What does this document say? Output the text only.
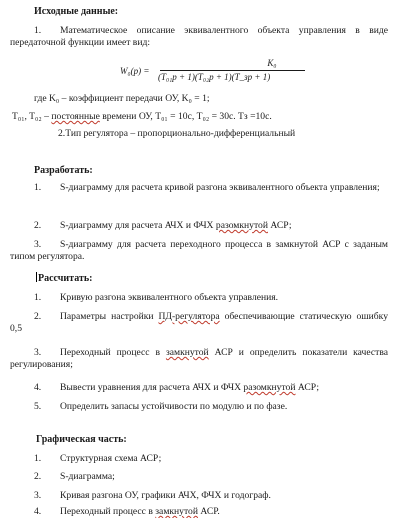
Исходные данные:
1. Математическое описание эквивалентного объекта управления в виде передаточной функции имеет вид:
W₀(p) =
K₀
(T₀₁p + 1)(T₀₂p + 1)(T_зp + 1)
где K₀ – коэффициент передачи ОУ, K₀ = 1;
T₀₁, T₀₂ – постоянные времени ОУ, T₀₁ = 10с, T₀₂ = 30с. Tз =10с.
2.Тип регулятора – пропорционально-дифференциальный
Разработать:
1. S-диаграмму для расчета кривой разгона эквивалентного объекта управления;
2. S-диаграмму для расчета АЧХ и ФЧХ разомкнутой АСР;
3. S-диаграмму для расчета переходного процесса в замкнутой АСР с заданым типом регулятора.
Рассчитать:
1. Кривую разгона эквивалентного объекта управления.
2. Параметры настройки ПД-регулятора обеспечивающие статическую ошибку 0,5
3. Переходный процесс в замкнутой АСР и определить показатели качества регулирования;
4. Вывести уравнения для расчета АЧХ и ФЧХ разомкнутой АСР;
5. Определить запасы устойчивости по модулю и по фазе.
Графическая часть:
1. Структурная схема АСР;
2. S-диаграмма;
3. Кривая разгона ОУ, графики АЧХ, ФЧХ и годограф.
4. Переходный процесс в замкнутой АСР.
